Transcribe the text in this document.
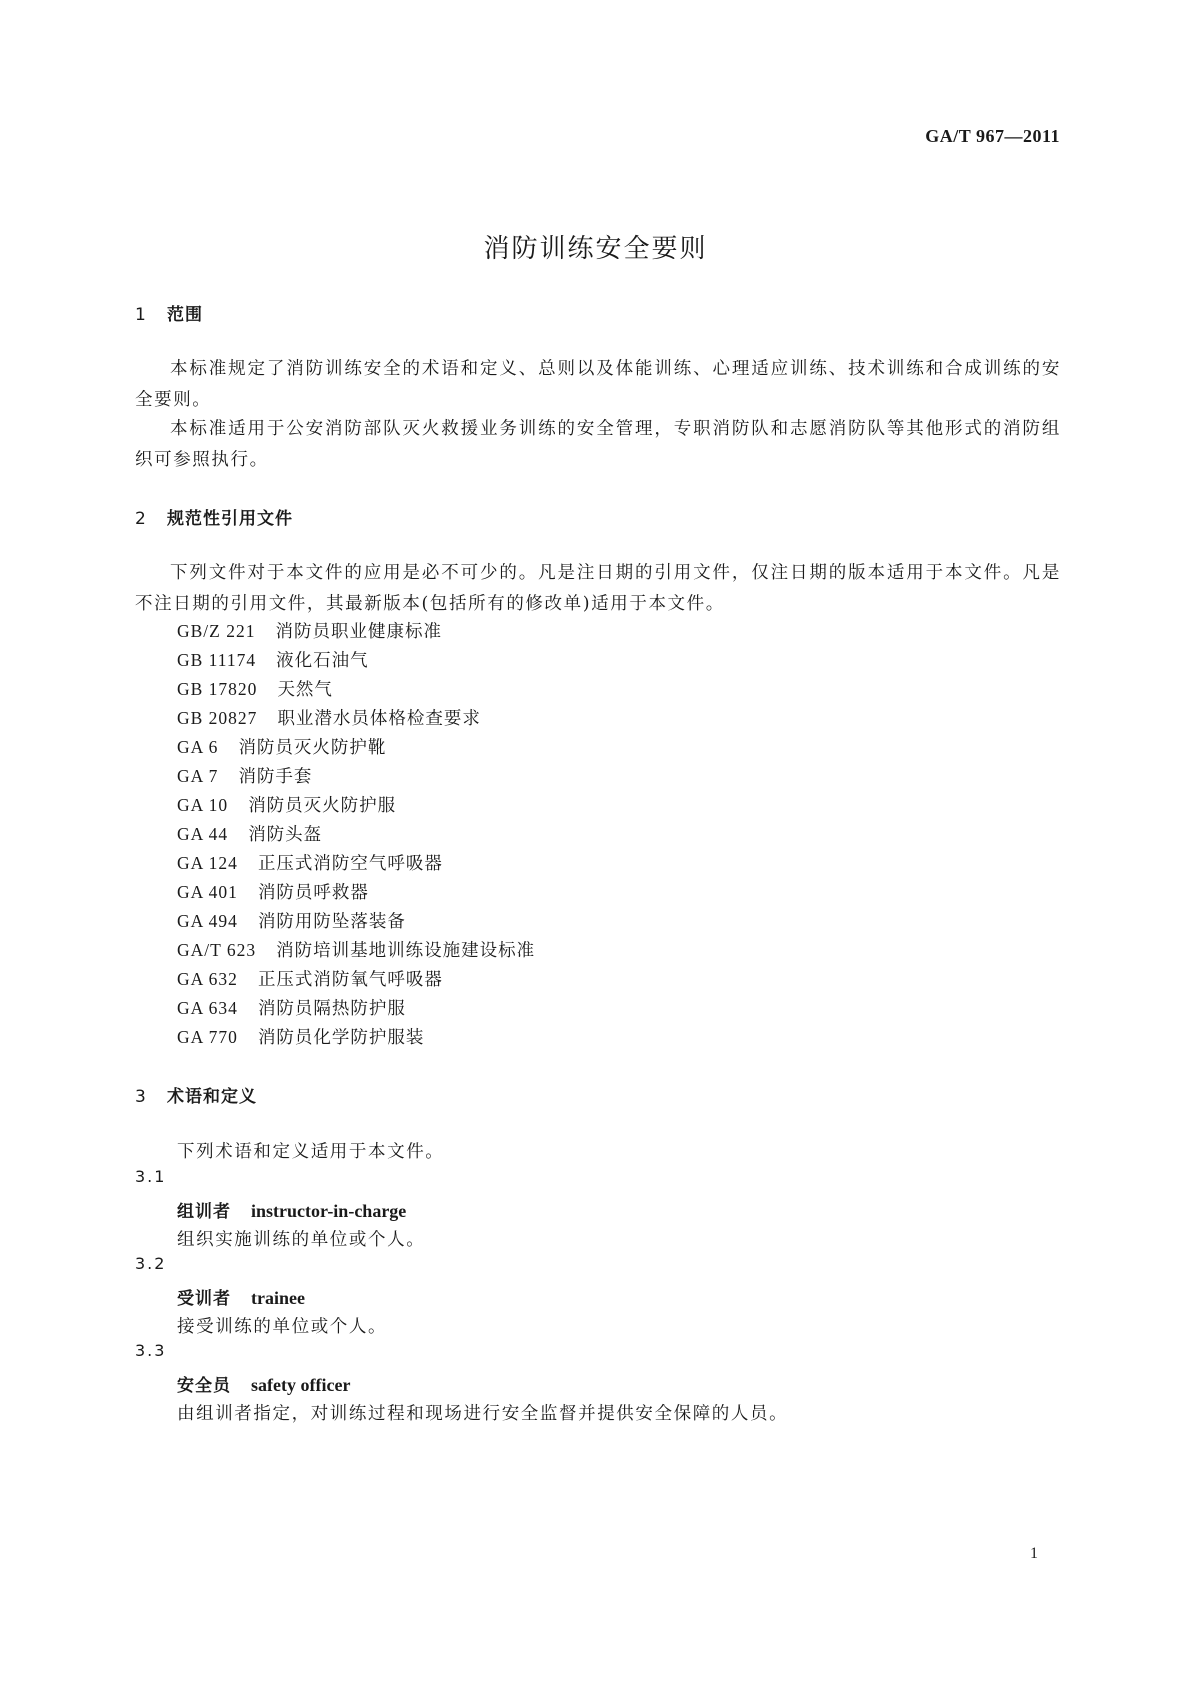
GA/T 967—2011
消防训练安全要则
1 范围

本标准规定了消防训练安全的术语和定义、总则以及体能训练、心理适应训练、技术训练和合成训练的安全要则。

本标准适用于公安消防部队灭火救援业务训练的安全管理，专职消防队和志愿消防队等其他形式的消防组织可参照执行。

2 规范性引用文件

下列文件对于本文件的应用是必不可少的。凡是注日期的引用文件，仅注日期的版本适用于本文件。凡是不注日期的引用文件，其最新版本(包括所有的修改单)适用于本文件。

GB/Z 221 消防员职业健康标准
GB 11174 液化石油气
GB 17820 天然气
GB 20827 职业潜水员体格检查要求
GA 6 消防员灭火防护靴
GA 7 消防手套
GA 10 消防员灭火防护服
GA 44 消防头盔
GA 124 正压式消防空气呼吸器
GA 401 消防员呼救器
GA 494 消防用防坠落装备
GA/T 623 消防培训基地训练设施建设标准
GA 632 正压式消防氧气呼吸器
GA 634 消防员隔热防护服
GA 770 消防员化学防护服装
3 术语和定义
下列术语和定义适用于本文件。
3.1
组训者 instructor-in-charge
组织实施训练的单位或个人。
3.2
受训者 trainee
接受训练的单位或个人。
3.3
安全员 safety officer
由组训者指定，对训练过程和现场进行安全监督并提供安全保障的人员。
1
